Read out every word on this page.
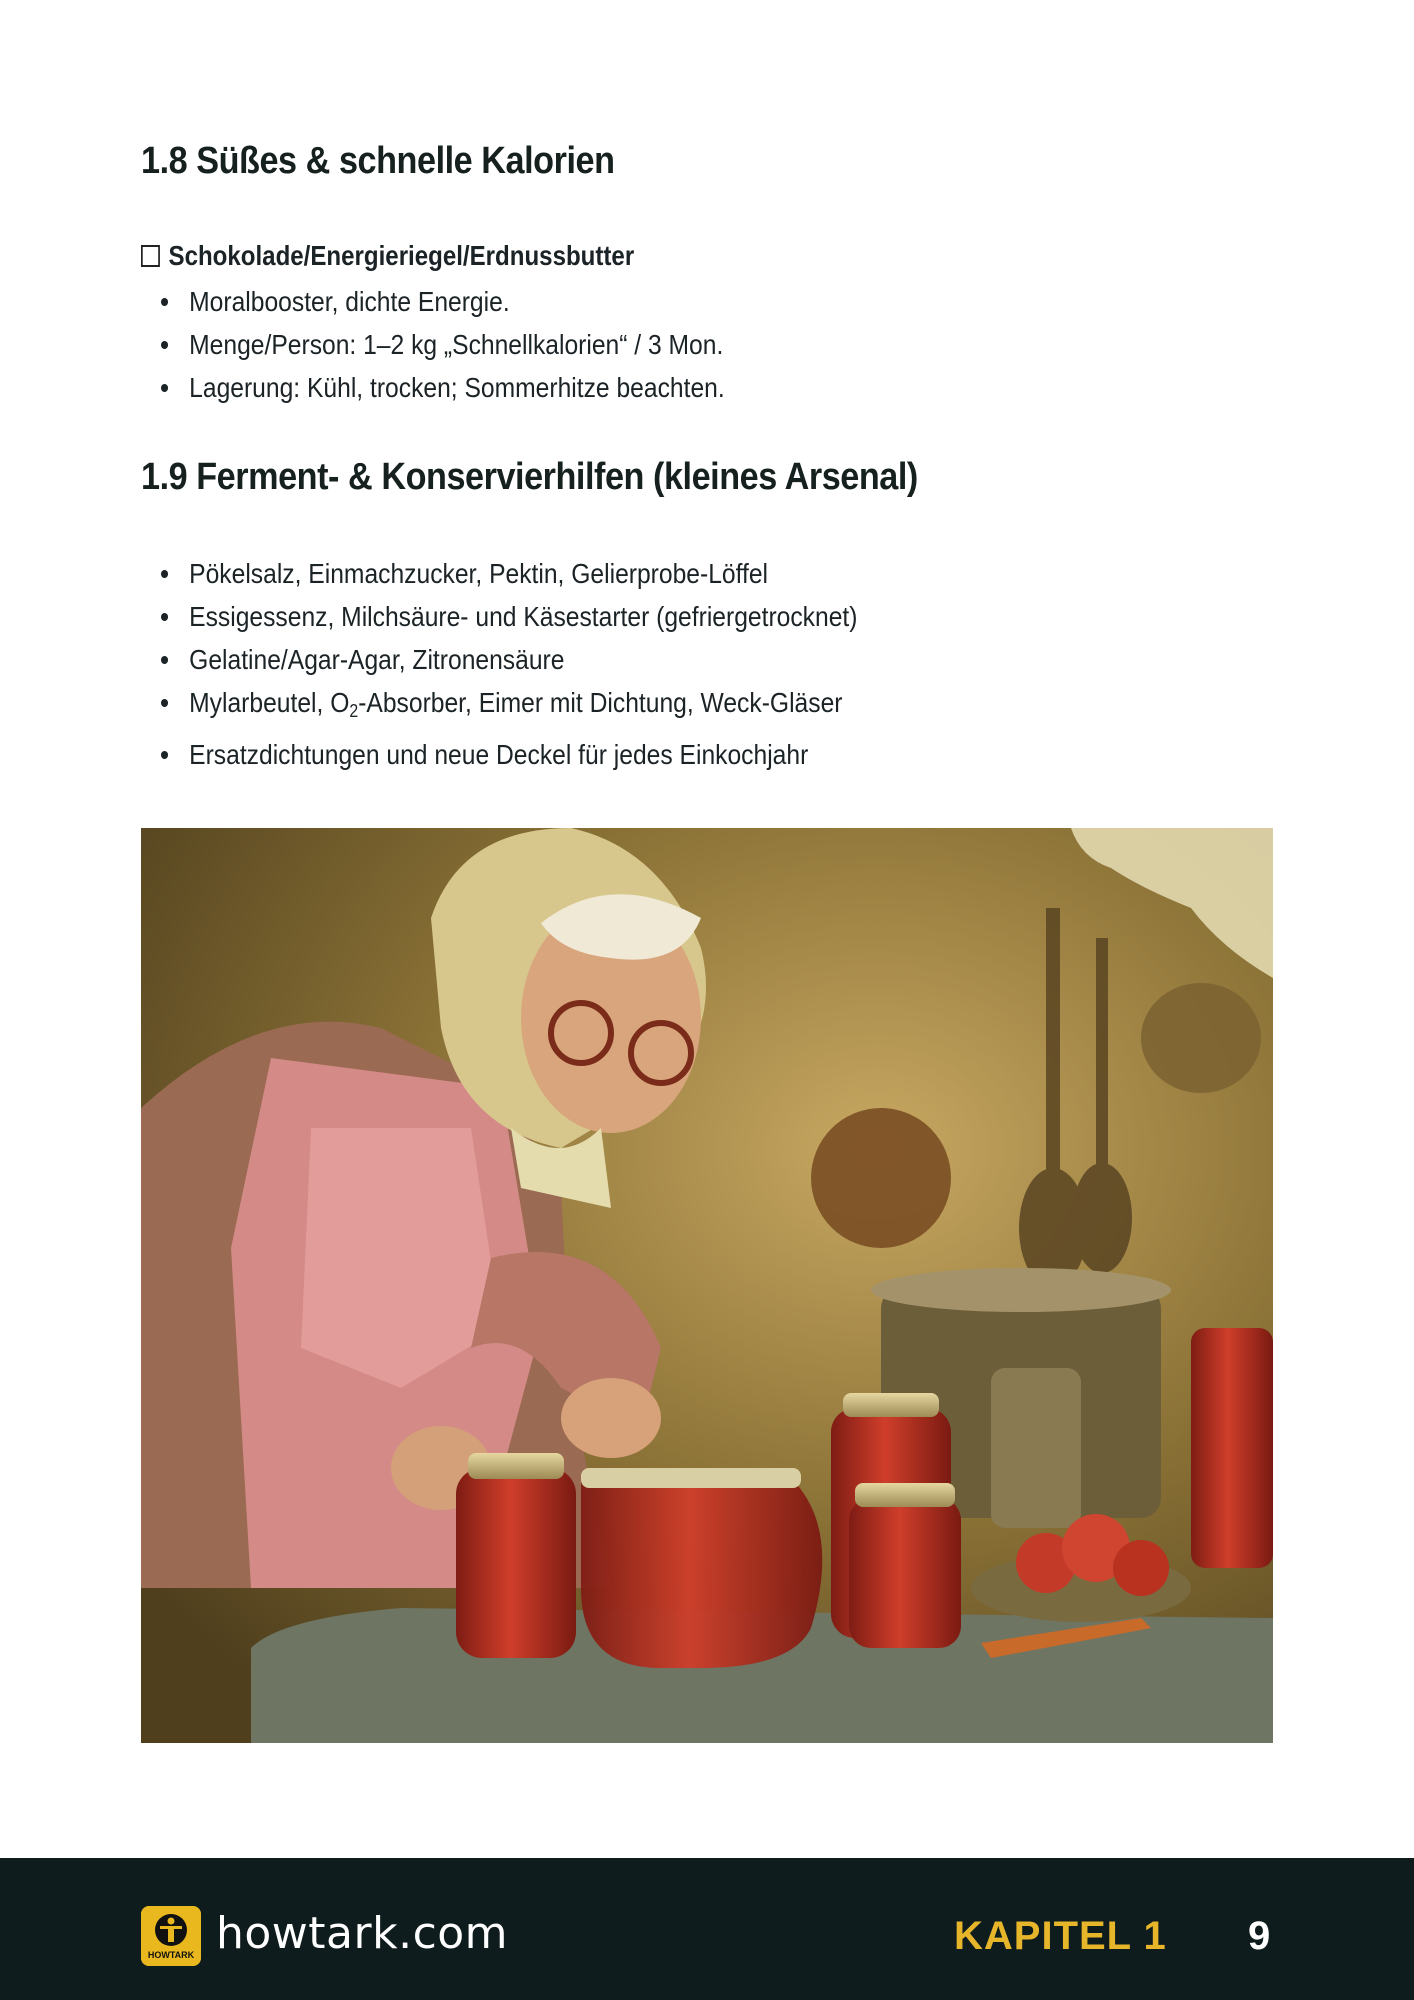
1.8 Süßes & schnelle Kalorien
Schokolade/Energieriegel/Erdnussbutter
Moralbooster, dichte Energie.
Menge/Person: 1–2 kg „Schnellkalorien“ / 3 Mon.
Lagerung: Kühl, trocken; Sommerhitze beachten.
1.9 Ferment- & Konservierhilfen (kleines Arsenal)
Pökelsalz, Einmachzucker, Pektin, Gelierprobe-Löffel
Essigessenz, Milchsäure- und Käsestarter (gefriergetrocknet)
Gelatine/Agar-Agar, Zitronensäure
Mylarbeutel, $O_2$-Absorber, Eimer mit Dichtung, Weck-Gläser
Ersatzdichtungen und neue Deckel für jedes Einkochjahr
HOWTARK howtark.com	KAPITEL 1 9
